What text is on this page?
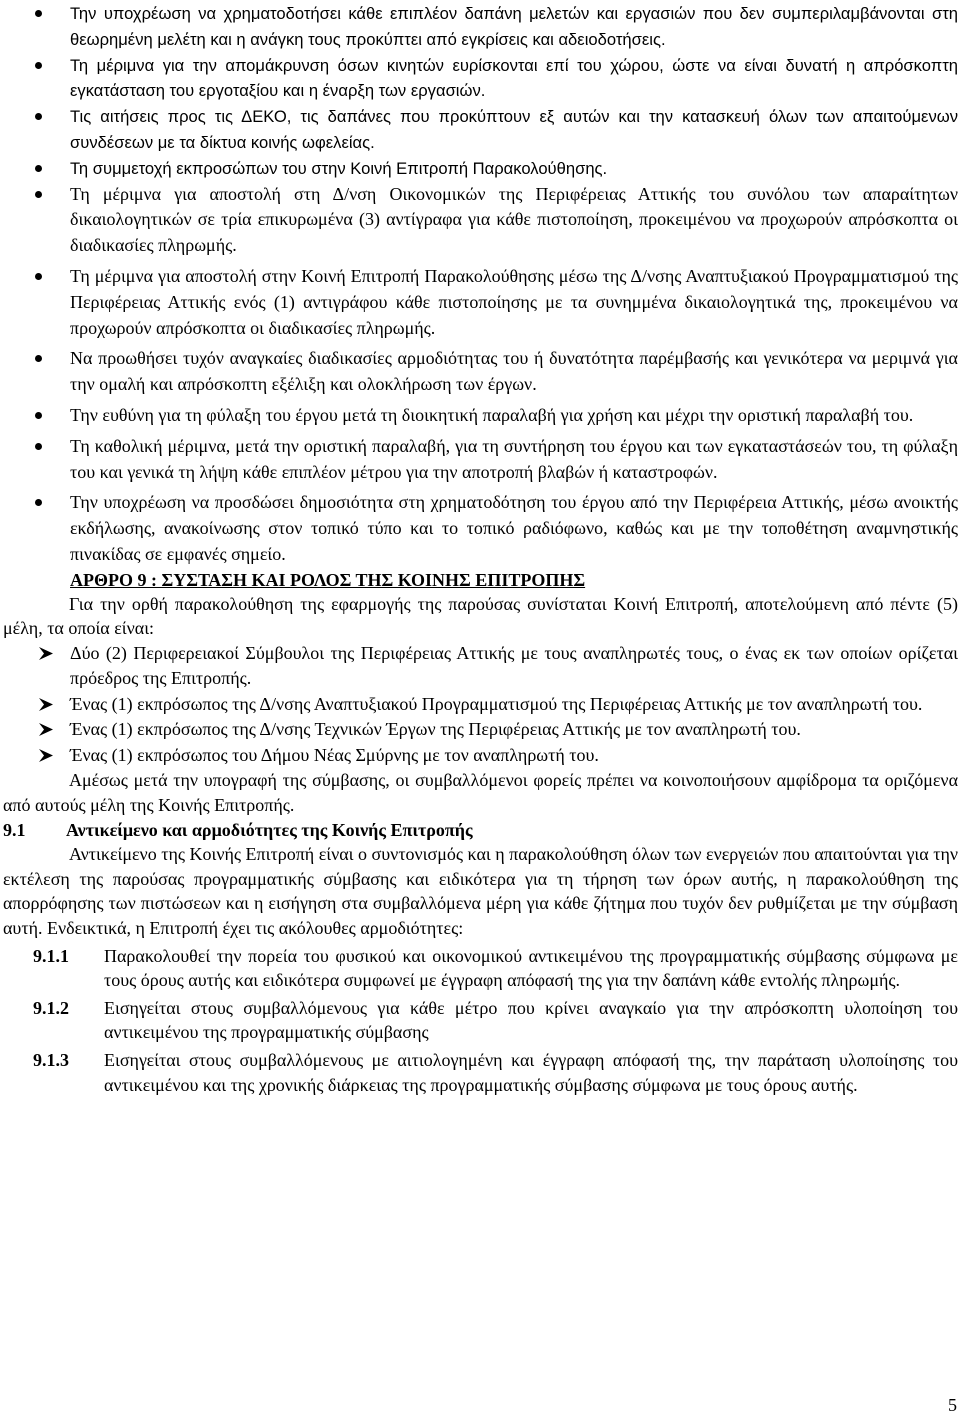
Την υποχρέωση να χρηματοδοτήσει κάθε επιπλέον δαπάνη μελετών και εργασιών που δεν συμπεριλαμβάνονται στη θεωρημένη μελέτη και η ανάγκη τους προκύπτει από εγκρίσεις και αδειοδοτήσεις.
Τη μέριμνα για την απομάκρυνση όσων κινητών ευρίσκονται επί του χώρου, ώστε να είναι δυνατή η απρόσκοπτη εγκατάσταση του εργοταξίου και η έναρξη των εργασιών.
Τις αιτήσεις προς τις ΔΕΚΟ, τις δαπάνες που προκύπτουν εξ αυτών και την κατασκευή όλων των απαιτούμενων συνδέσεων με τα δίκτυα κοινής ωφελείας.
Τη συμμετοχή εκπροσώπων του στην Κοινή Επιτροπή Παρακολούθησης.
Τη μέριμνα για αποστολή στη Δ/νση Οικονομικών της Περιφέρειας Αττικής του συνόλου των απαραίτητων δικαιολογητικών σε τρία επικυρωμένα (3) αντίγραφα για κάθε πιστοποίηση, προκειμένου να προχωρούν απρόσκοπτα οι διαδικασίες πληρωμής.
Τη μέριμνα για αποστολή στην Κοινή Επιτροπή Παρακολούθησης μέσω της Δ/νσης Αναπτυξιακού Προγραμματισμού της Περιφέρειας Αττικής ενός (1) αντιγράφου κάθε πιστοποίησης με τα συνημμένα δικαιολογητικά της, προκειμένου να προχωρούν απρόσκοπτα οι διαδικασίες πληρωμής.
Να προωθήσει τυχόν αναγκαίες διαδικασίες αρμοδιότητας του ή δυνατότητα παρέμβασής και γενικότερα να μεριμνά για την ομαλή και απρόσκοπτη εξέλιξη και ολοκλήρωση των έργων.
Την ευθύνη για τη φύλαξη του έργου μετά τη διοικητική παραλαβή για χρήση και μέχρι την οριστική παραλαβή του.
Τη καθολική μέριμνα, μετά την οριστική παραλαβή, για τη συντήρηση του έργου και των εγκαταστάσεών του, τη φύλαξη του και γενικά τη λήψη κάθε επιπλέον μέτρου για την αποτροπή βλαβών ή καταστροφών.
Την υποχρέωση να προσδώσει δημοσιότητα στη χρηματοδότηση του έργου από την Περιφέρεια Αττικής, μέσω ανοικτής εκδήλωσης, ανακοίνωσης στον τοπικό τύπο και το τοπικό ραδιόφωνο, καθώς και με την τοποθέτηση αναμνηστικής πινακίδας σε εμφανές σημείο.
ΑΡΘΡΟ 9 : ΣΥΣΤΑΣΗ ΚΑΙ ΡΟΛΟΣ ΤΗΣ ΚΟΙΝΗΣ ΕΠΙΤΡΟΠΗΣ

Για την ορθή παρακολούθηση της εφαρμογής της παρούσας συνίσταται Κοινή Επιτροπή, αποτελούμενη από πέντε (5) μέλη, τα οποία είναι:

Δύο (2) Περιφερειακοί Σύμβουλοι της Περιφέρειας Αττικής με τους αναπληρωτές τους, ο ένας εκ των οποίων ορίζεται πρόεδρος της Επιτροπής.
Ένας (1) εκπρόσωπος της Δ/νσης Αναπτυξιακού Προγραμματισμού της Περιφέρειας Αττικής με τον αναπληρωτή του.
Ένας (1) εκπρόσωπος της Δ/νσης Τεχνικών Έργων της Περιφέρειας Αττικής με τον αναπληρωτή του.
Ένας (1) εκπρόσωπος του Δήμου Νέας Σμύρνης με τον αναπληρωτή του.

Αμέσως μετά την υπογραφή της σύμβασης, οι συμβαλλόμενοι φορείς πρέπει να κοινοποιήσουν αμφίδρομα τα οριζόμενα από αυτούς μέλη της Κοινής Επιτροπής.

9.1 Αντικείμενο και αρμοδιότητες της Κοινής Επιτροπής

Αντικείμενο της Κοινής Επιτροπή είναι ο συντονισμός και η παρακολούθηση όλων των ενεργειών που απαιτούνται για την εκτέλεση της παρούσας προγραμματικής σύμβασης και ειδικότερα για τη τήρηση των όρων αυτής, η παρακολούθηση της απορρόφησης των πιστώσεων και η εισήγηση στα συμβαλλόμενα μέρη για κάθε ζήτημα που τυχόν δεν ρυθμίζεται με την σύμβαση αυτή. Ενδεικτικά, η Επιτροπή έχει τις ακόλουθες αρμοδιότητες:

9.1.1 Παρακολουθεί την πορεία του φυσικού και οικονομικού αντικειμένου της προγραμματικής σύμβασης σύμφωνα με τους όρους αυτής και ειδικότερα συμφωνεί με έγγραφη απόφασή της για την δαπάνη κάθε εντολής πληρωμής.
9.1.2 Εισηγείται στους συμβαλλόμενους για κάθε μέτρο που κρίνει αναγκαίο για την απρόσκοπτη υλοποίηση του αντικειμένου της προγραμματικής σύμβασης
9.1.3 Εισηγείται στους συμβαλλόμενους με αιτιολογημένη και έγγραφη απόφασή της, την παράταση υλοποίησης του αντικειμένου και της χρονικής διάρκειας της προγραμματικής σύμβασης σύμφωνα με τους όρους αυτής.
5
